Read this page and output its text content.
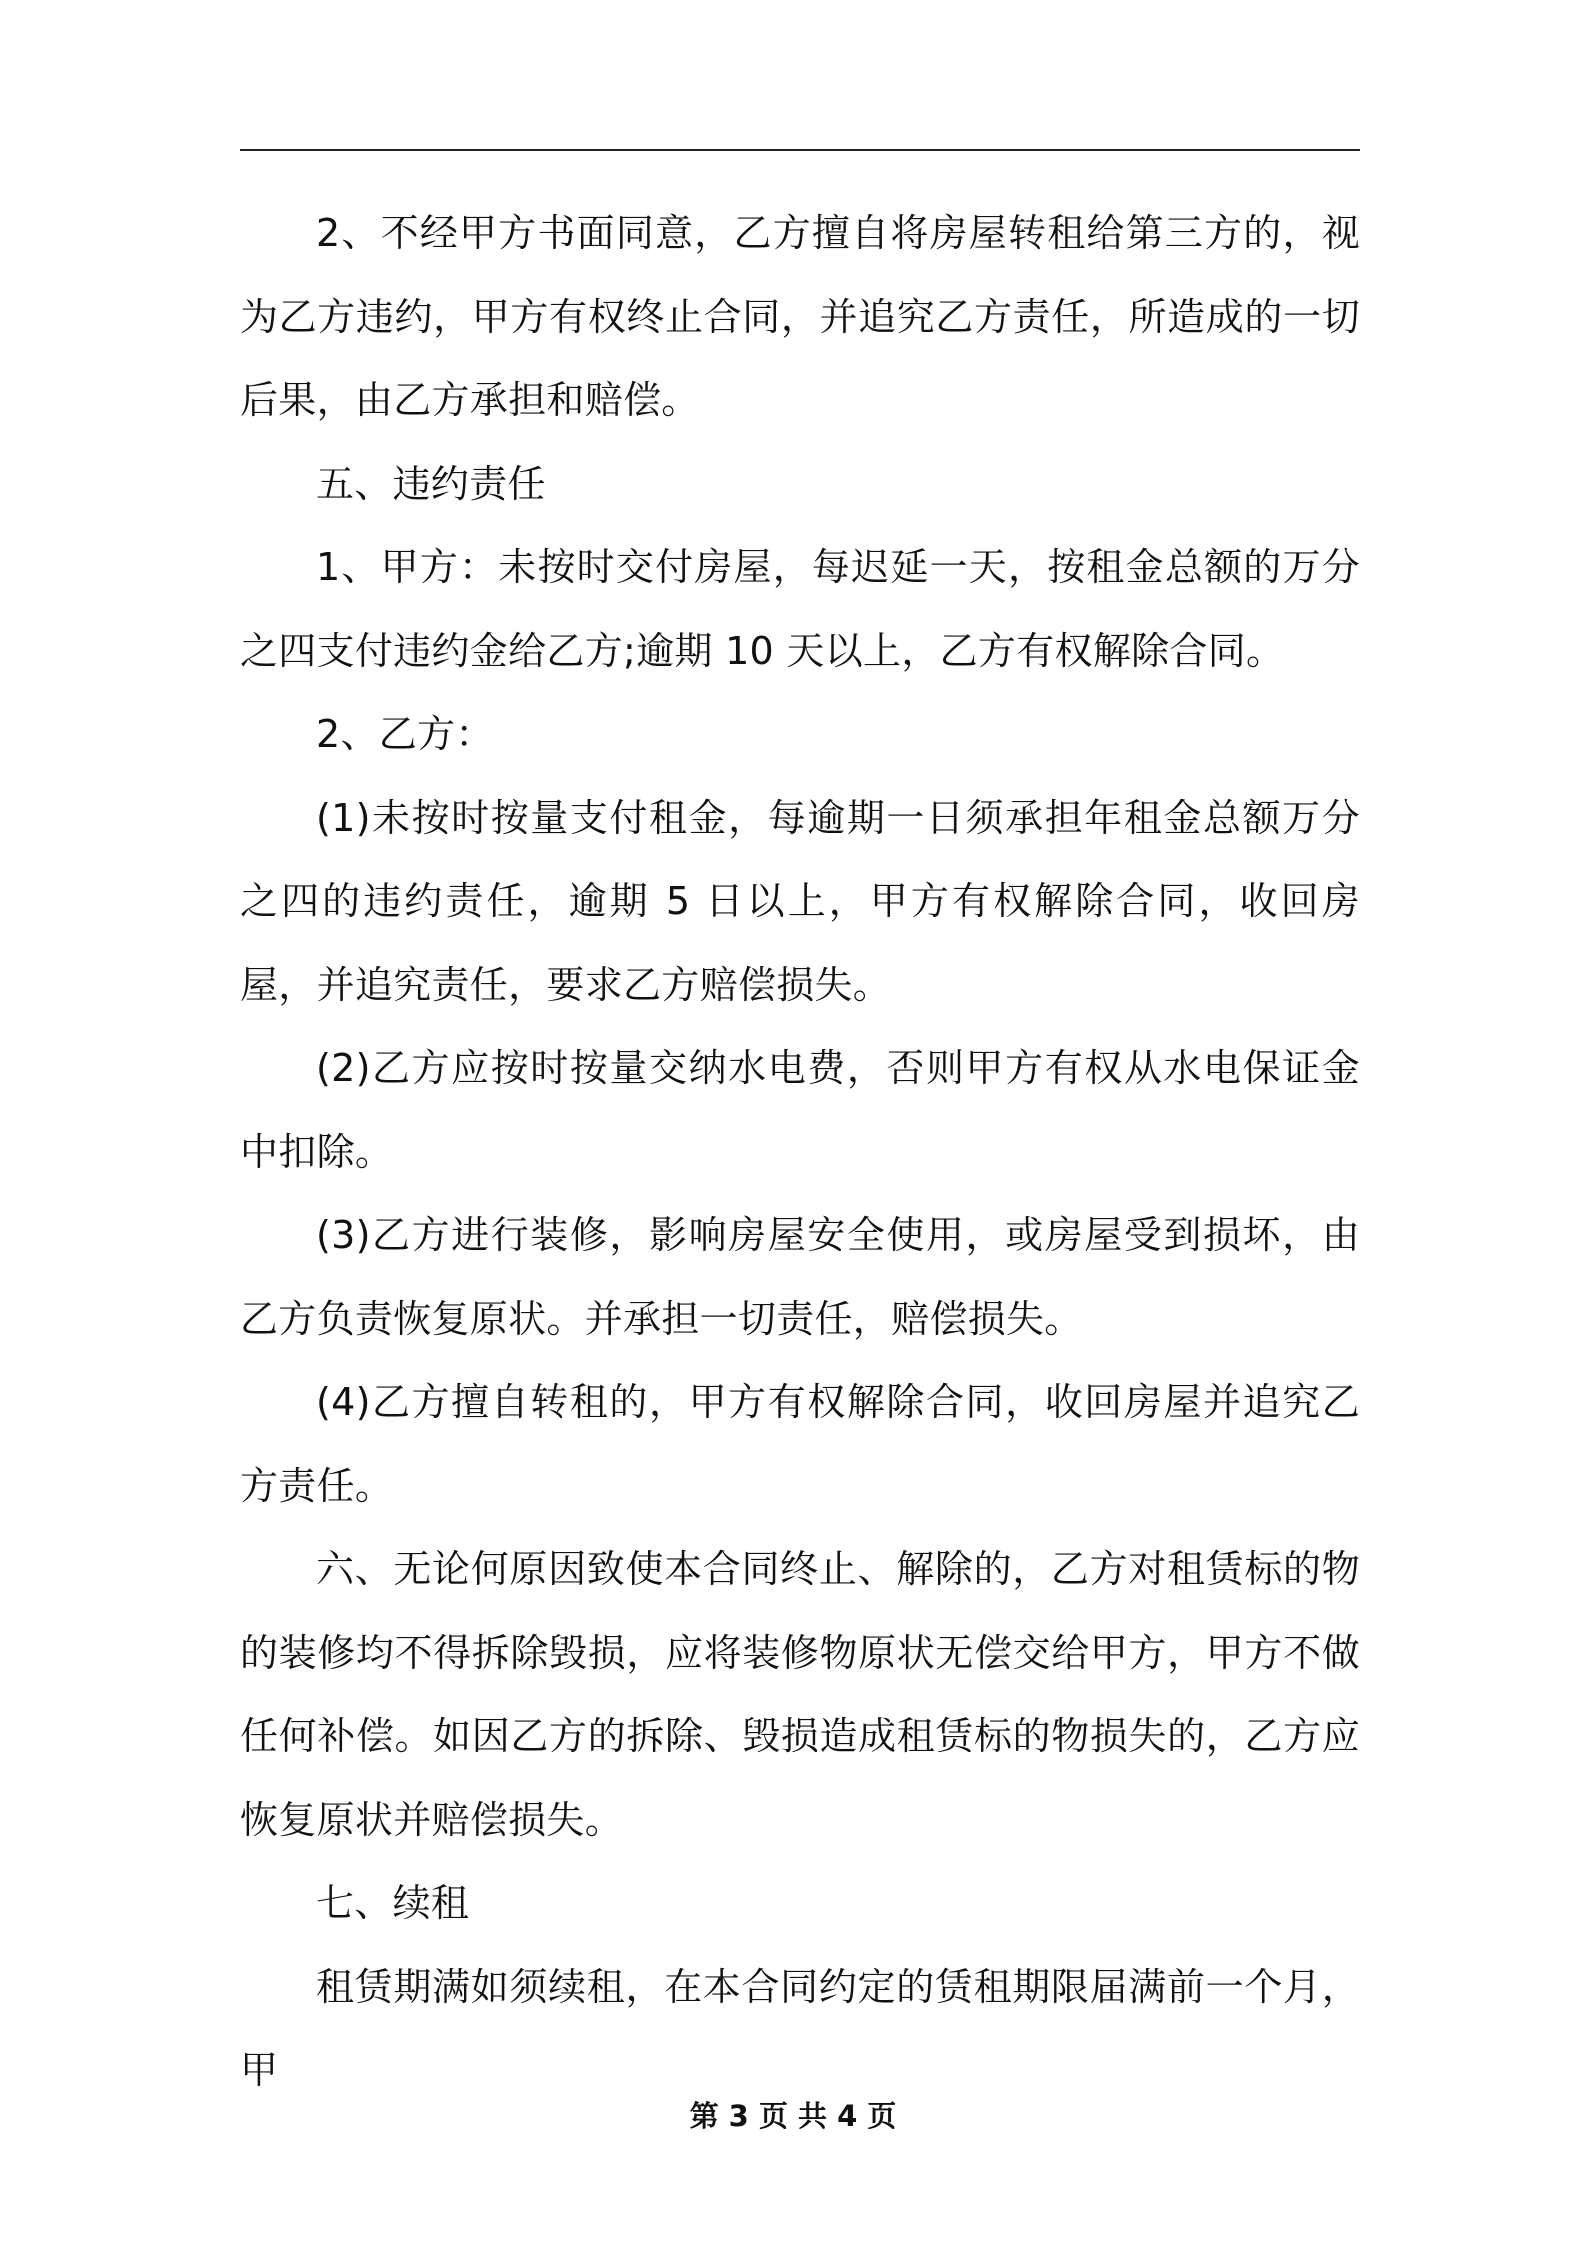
2、不经甲方书面同意，乙方擅自将房屋转租给第三方的，视为乙方违约，甲方有权终止合同，并追究乙方责任，所造成的一切后果，由乙方承担和赔偿。

五、违约责任

1、甲方：未按时交付房屋，每迟延一天，按租金总额的万分之四支付违约金给乙方;逾期 10 天以上，乙方有权解除合同。

2、乙方：

(1)未按时按量支付租金，每逾期一日须承担年租金总额万分之四的违约责任，逾期 5 日以上，甲方有权解除合同，收回房屋，并追究责任，要求乙方赔偿损失。

(2)乙方应按时按量交纳水电费，否则甲方有权从水电保证金中扣除。

(3)乙方进行装修，影响房屋安全使用，或房屋受到损坏，由乙方负责恢复原状。并承担一切责任，赔偿损失。

(4)乙方擅自转租的，甲方有权解除合同，收回房屋并追究乙方责任。

六、无论何原因致使本合同终止、解除的，乙方对租赁标的物的装修均不得拆除毁损，应将装修物原状无偿交给甲方，甲方不做任何补偿。如因乙方的拆除、毁损造成租赁标的物损失的，乙方应恢复原状并赔偿损失。

七、续租

租赁期满如须续租，在本合同约定的赁租期限届满前一个月，甲

第 3 页 共 4 页
